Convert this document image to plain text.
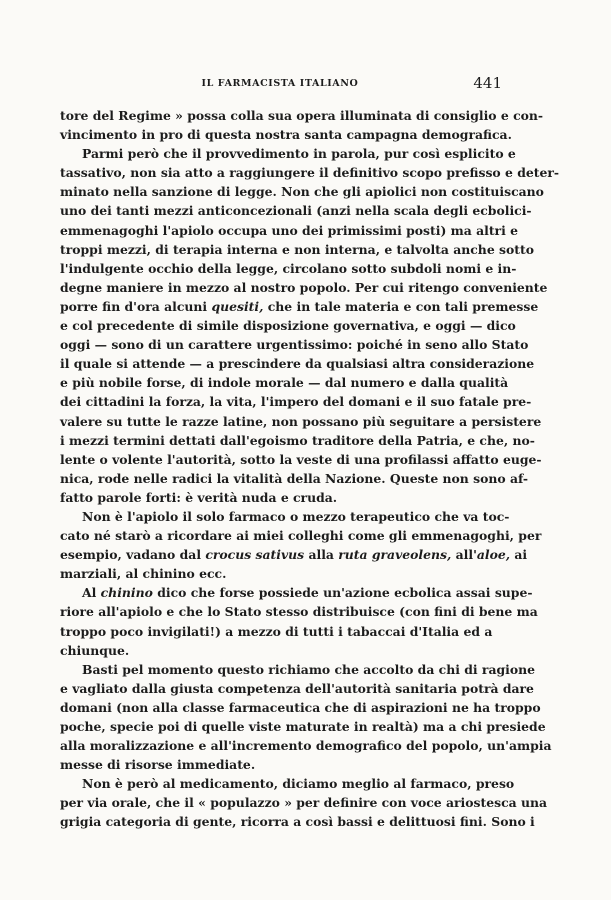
IL FARMACISTA ITALIANO	441
tore del Regime » possa colla sua opera illuminata di consiglio e con-
vincimento in pro di questa nostra santa campagna demografica.
Parmi però che il provvedimento in parola, pur così esplicito e
tassativo, non sia atto a raggiungere il definitivo scopo prefisso e deter-
minato nella sanzione di legge. Non che gli apiolici non costituiscano
uno dei tanti mezzi anticoncezionali (anzi nella scala degli ecbolici-
emmenagoghi l'apiolo occupa uno dei primissimi posti) ma altri e
troppi mezzi, di terapia interna e non interna, e talvolta anche sotto
l'indulgente occhio della legge, circolano sotto subdoli nomi e in-
degne maniere in mezzo al nostro popolo. Per cui ritengo conveniente
porre fin d'ora alcuni quesiti, che in tale materia e con tali premesse
e col precedente di simile disposizione governativa, e oggi — dico
oggi — sono di un carattere urgentissimo: poiché in seno allo Stato
il quale si attende — a prescindere da qualsiasi altra considerazione
e più nobile forse, di indole morale — dal numero e dalla qualità
dei cittadini la forza, la vita, l'impero del domani e il suo fatale pre-
valere su tutte le razze latine, non possano più seguitare a persistere
i mezzi termini dettati dall'egoismo traditore della Patria, e che, no-
lente o volente l'autorità, sotto la veste di una profilassi affatto euge-
nica, rode nelle radici la vitalità della Nazione. Queste non sono af-
fatto parole forti: è verità nuda e cruda.
Non è l'apiolo il solo farmaco o mezzo terapeutico che va toc-
cato né starò a ricordare ai miei colleghi come gli emmenagoghi, per
esempio, vadano dal crocus sativus alla ruta graveolens, all'aloe, ai
marziali, al chinino ecc.
Al chinino dico che forse possiede un'azione ecbolica assai supe-
riore all'apiolo e che lo Stato stesso distribuisce (con fini di bene ma
troppo poco invigilati!) a mezzo di tutti i tabaccai d'Italia ed a
chiunque.
Basti pel momento questo richiamo che accolto da chi di ragione
e vagliato dalla giusta competenza dell'autorità sanitaria potrà dare
domani (non alla classe farmaceutica che di aspirazioni ne ha troppo
poche, specie poi di quelle viste maturate in realtà) ma a chi presiede
alla moralizzazione e all'incremento demografico del popolo, un'ampia
messe di risorse immediate.
Non è però al medicamento, diciamo meglio al farmaco, preso
per via orale, che il « populazzo » per definire con voce ariostesca una
grigia categoria di gente, ricorra a così bassi e delittuosi fini. Sono i
